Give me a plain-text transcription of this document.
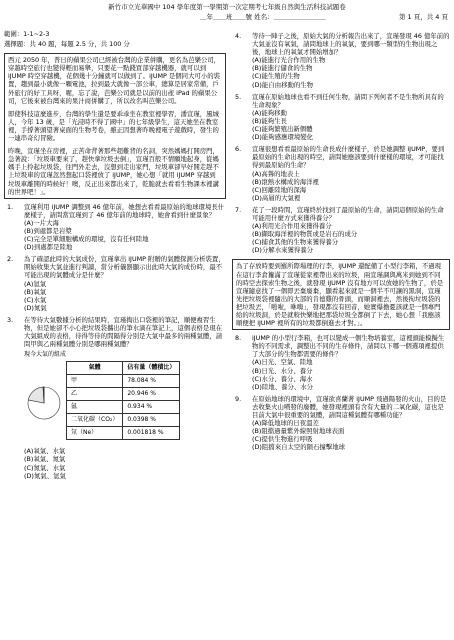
新竹市立光華國中 104 學年度第一學期第一次定期考七年級自然與生活科技試題卷
＿年＿＿班＿＿號 姓名：＿＿＿＿＿＿＿＿	第 1 頁，共 4 頁

範圍：1-1~2-3

選擇題：共 40 題，每題 2.5 分，共 100 分

西元 2050 年，普日的蘋果公司已經被台灣的企業併購，更名為芭樂公司，穿越時空旅行也變得輕而易舉，只要花一點錢買部穿越機器，就可以到 iJUMP 時空穿越機，花個幾十分鐘就可以做到了。iJUMP 是個同大可小的裝置，趨到最小就像一顆電池，拉到最大就像一部公車，總算是居家常備，戶外旅行的好工具呀，喔，忘了說，芭樂公司就是以前的出產 iPad 的蘋果公司，它後來被台灣來的果汁商併購了，所以改名叫芭樂公司。

即使科技這麼進步，台灣的學生還是要乖乖坐在教室裡學習，潘宣瑾，風城人，今年 13 歲，是「光浸時不得了國中」的七年級學生，這天她坐在教室裡，手撐著頭望著桌面的生物考卷，雖正因想著昨晚裡電子遊戲時，發生的一連串奇幻冒險。

昨晚，宣瑾坐在房裡，正苦命背著那些超難背的名詞，突然媽媽打開房門，急著說：「垃圾車要來了，趕快拿垃圾去倒」，宣瑾百般不情願地起身，從媽媽手上拎起垃圾袋，往門外走去，沒想到走出家門，垃圾車卻早好開走趕不上垃圾車的宣瑾忽然想起口袋裡放了 iJUMP，她心想「就用 iJUMP 穿越到垃圾車離開的時候好！噢，反正出來都出來了，乾脆就去看看生物課本裡講的世界吧！」。

1. 宣瑾利用 iJUMP 調整到 46 億年前，她想去看看最原始的地球環境長什麼樣子，請問當宣瑾到了 46 億年前的地球時，她會看到什麼景象？

(A)一片大海

(B)到處都是岩漿

(C)完全是單細胞構成的環境，沒有任何陸地

(D)到處都是陸地

2. 為了確認此時的大氣成份，宣瑾拿出 iJUMP 附贈的氣體探測分析裝置，開始收集大氣並進行判讀，當分析儀器顯示出此時大氣的成份時，最不可能出現的氣體成分是什麼？

(A)氫氣

(B)氧氣

(C)水氣

(D)氮氣

3. 在等待大氣數據分析的結果時，宣瑾掏出口袋裡的筆記，順便複習生物，但是她卻不小心把垃圾袋攜出的筆水滴在筆記上，這個表格是現在大氣組成的表格，待得等侍的間隔得分別是大氣中最多的兩種氣體，請問甲與乙兩種氣體分別是哪兩種氣體？

現今大氣的組成

氣體	佔有量（體積比）
甲	78.084 %
乙	20.946 %
氬	0.934 %
二氧化碳（CO₂）	0.0398 %
氖（Ne）	0.001818 %

(A)氧氣、水氣

(B)氧氣、氮氣

(C)氮氣、水氣

(D)氮氣、氫氣

4. 等待一陣子之後，原始大氣的分析報告出來了，宣瑾發現 46 億年前的大氣並沒有氧氣，請問地球上的氧氣，要到哪一類型的生物出現之後，地球上的氧氣才開始增加？

(A)能進行光合作用的生物

(B)能進行儲食的生物

(C)能生殖的生物

(D)能自由移動的生物

5. 宣瑾在原始地球也看不到任何生物，請問下列何者不是生物所具有的生命現象？

(A)能夠移動

(B)能夠生長

(C)能夠繁殖出新個體

(D)能夠感應環境變化

6. 宣瑾很想看看最原始的生命長成什麼樣子，於是她調整 iJUMP，要到最原始的生命出現的時空，請問她應該要到什麼樣的環境，才可能找得到最原始的生命？

(A)高聳的地表上

(B)滾熱水構成的海洋裡

(C)回離陸地的深海

(D)高層的大氣裡

7. 花了一段時間，宣瑾終於找到了最原始的生命，請問這個原始的生命可能用什麼方式來獲得養分？

(A)利用光合作用來獲得養分

(B)擷取海洋裡的物質或是岩石的成分

(C)捕食其他的生物來獲得養分

(D)分解水來獲得養分

為了存放時要到羅所際場理的行李，iJUMP 還配備了小型行李箱，不過現在這行李倉籮滿了宣瑾從家裡帶出來的垃圾，兩宣瑾調與萬米到她到不同的時空去探索生物之後，就發現 iJUMP 沒有地方可以放她的生物了，於是宣瑾隨意找了一個即丟棄廢棄，顯看起來就是一個半不可讓的黑洞，宣瑾先把垃圾袋裡隨出的大部的肯德雞的骨頭，而順洞裡去，然後拘垃圾袋的把垃圾丟，「啪啦，咻嗨」，發現都沒有回音，她實爆擔憂該就是一個專門給的垃圾洞，於是就較快樂地把那袋垃圾全都倒了下去，她心想「我應該順便把 iJUMP 裡所有的垃圾都倒進去才對。」。

8. iJUMP 的小型行李箱，也可以變成一個生物培養室，這裡頭能模擬生物的不同需求，調整出不同的生存條件，請問以下哪一個選項裡提供了大部分的生物都需要的條件？

(A)日光、空氣、陸地

(B)日光、水分、養分

(C)水分、養分、海水

(D)陸地、養分、水分

9. 在原始地球的環境中，宣瑾欲喜蘭著 iJUMP 飛過陽發的火山，目的是去收集火山噴發的廢體，她發現裡頭有含有大量的二氧化碳，這也是目前大氣中很重要的氣體，請問這種氣體有哪種功能？

(A)降低地球的日夜溫差

(B)阻擋過量紫外線照射地球表面

(C)提供生物進行呼吸

(D)阻擋來自太空的隕石撞擊地球
